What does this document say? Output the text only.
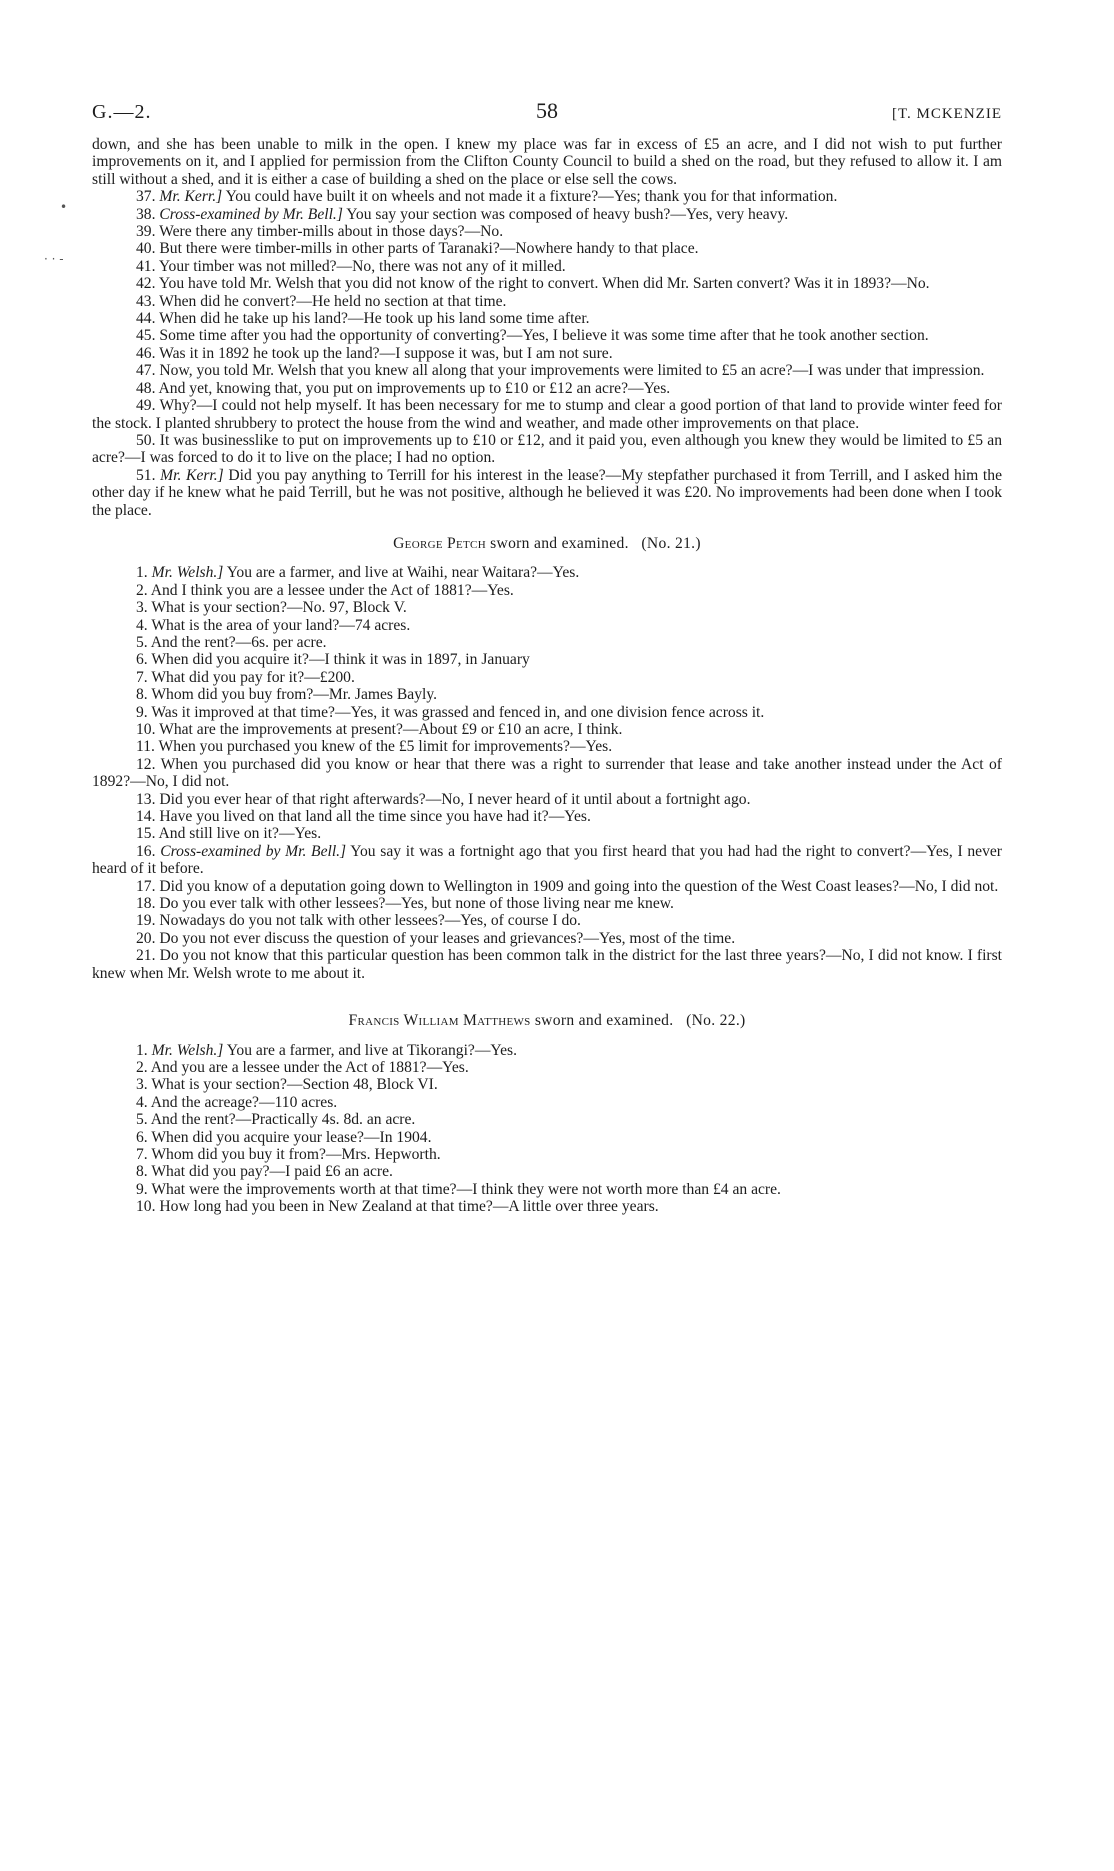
•
· · -
G.—2.	58	[T. MCKENZIE

down, and she has been unable to milk in the open. I knew my place was far in excess of £5 an acre, and I did not wish to put further improvements on it, and I applied for permission from the Clifton County Council to build a shed on the road, but they refused to allow it. I am still without a shed, and it is either a case of building a shed on the place or else sell the cows.

37. Mr. Kerr.] You could have built it on wheels and not made it a fixture?—Yes; thank you for that information.

38. Cross-examined by Mr. Bell.] You say your section was composed of heavy bush?—Yes, very heavy.

39. Were there any timber-mills about in those days?—No.

40. But there were timber-mills in other parts of Taranaki?—Nowhere handy to that place.

41. Your timber was not milled?—No, there was not any of it milled.

42. You have told Mr. Welsh that you did not know of the right to convert. When did Mr. Sarten convert? Was it in 1893?—No.

43. When did he convert?—He held no section at that time.

44. When did he take up his land?—He took up his land some time after.

45. Some time after you had the opportunity of converting?—Yes, I believe it was some time after that he took another section.

46. Was it in 1892 he took up the land?—I suppose it was, but I am not sure.

47. Now, you told Mr. Welsh that you knew all along that your improvements were limited to £5 an acre?—I was under that impression.

48. And yet, knowing that, you put on improvements up to £10 or £12 an acre?—Yes.

49. Why?—I could not help myself. It has been necessary for me to stump and clear a good portion of that land to provide winter feed for the stock. I planted shrubbery to protect the house from the wind and weather, and made other improvements on that place.

50. It was businesslike to put on improvements up to £10 or £12, and it paid you, even although you knew they would be limited to £5 an acre?—I was forced to do it to live on the place; I had no option.

51. Mr. Kerr.] Did you pay anything to Terrill for his interest in the lease?—My stepfather purchased it from Terrill, and I asked him the other day if he knew what he paid Terrill, but he was not positive, although he believed it was £20. No improvements had been done when I took the place.

George Petch sworn and examined. (No. 21.)

1. Mr. Welsh.] You are a farmer, and live at Waihi, near Waitara?—Yes.

2. And I think you are a lessee under the Act of 1881?—Yes.

3. What is your section?—No. 97, Block V.

4. What is the area of your land?—74 acres.

5. And the rent?—6s. per acre.

6. When did you acquire it?—I think it was in 1897, in January

7. What did you pay for it?—£200.

8. Whom did you buy from?—Mr. James Bayly.

9. Was it improved at that time?—Yes, it was grassed and fenced in, and one division fence across it.

10. What are the improvements at present?—About £9 or £10 an acre, I think.

11. When you purchased you knew of the £5 limit for improvements?—Yes.

12. When you purchased did you know or hear that there was a right to surrender that lease and take another instead under the Act of 1892?—No, I did not.

13. Did you ever hear of that right afterwards?—No, I never heard of it until about a fortnight ago.

14. Have you lived on that land all the time since you have had it?—Yes.

15. And still live on it?—Yes.

16. Cross-examined by Mr. Bell.] You say it was a fortnight ago that you first heard that you had had the right to convert?—Yes, I never heard of it before.

17. Did you know of a deputation going down to Wellington in 1909 and going into the question of the West Coast leases?—No, I did not.

18. Do you ever talk with other lessees?—Yes, but none of those living near me knew.

19. Nowadays do you not talk with other lessees?—Yes, of course I do.

20. Do you not ever discuss the question of your leases and grievances?—Yes, most of the time.

21. Do you not know that this particular question has been common talk in the district for the last three years?—No, I did not know. I first knew when Mr. Welsh wrote to me about it.

Francis William Matthews sworn and examined. (No. 22.)

1. Mr. Welsh.] You are a farmer, and live at Tikorangi?—Yes.

2. And you are a lessee under the Act of 1881?—Yes.

3. What is your section?—Section 48, Block VI.

4. And the acreage?—110 acres.

5. And the rent?—Practically 4s. 8d. an acre.

6. When did you acquire your lease?—In 1904.

7. Whom did you buy it from?—Mrs. Hepworth.

8. What did you pay?—I paid £6 an acre.

9. What were the improvements worth at that time?—I think they were not worth more than £4 an acre.

10. How long had you been in New Zealand at that time?—A little over three years.
